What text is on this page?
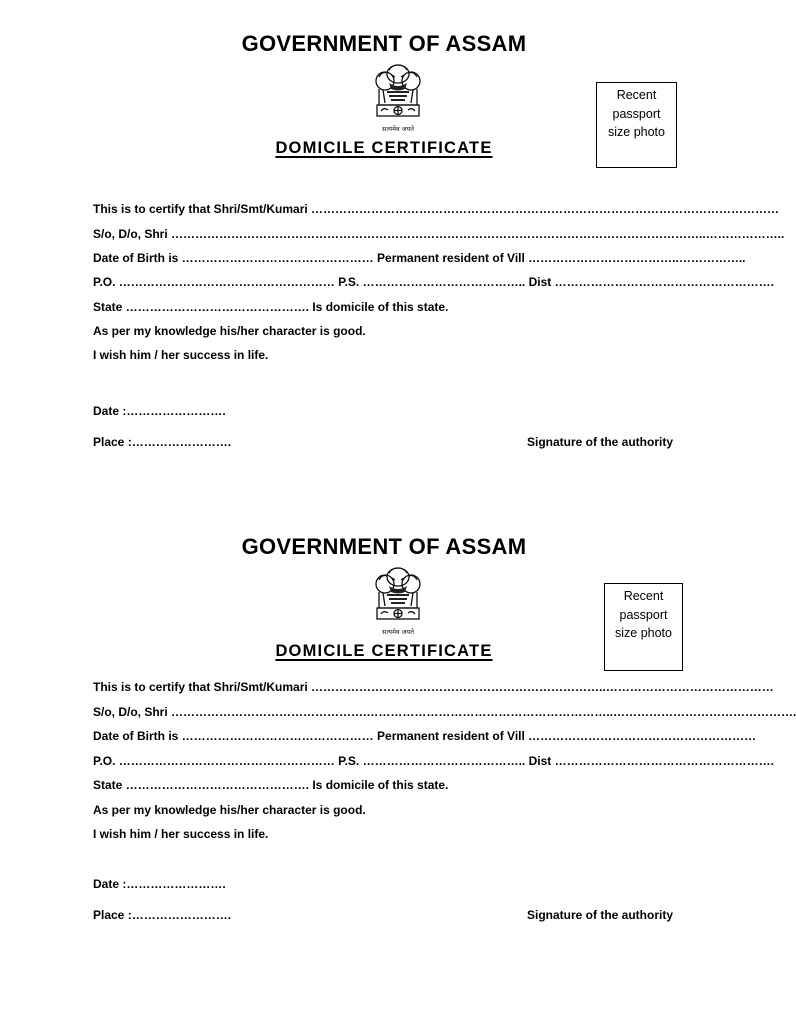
GOVERNMENT OF ASSAM
सत्यमेव जयते
DOMICILE CERTIFICATE
Recent
passport
size photo
This is to certify that Shri/Smt/Kumari ………………………………………………………………………………………………………
S/o, D/o, Shri ……………………………………………………………………………………………………………………..………………..
Date of Birth is ………………………………………… Permanent resident of Vill ………………………………..……………..
P.O. ……………………………………………… P.S. ………………………………….. Dist ……………………………………………….
State ………………………………………. Is domicile of this state.
As per my knowledge his/her character is good.
I wish him / her success in life.
Date :…………………….
Place :…………………….	Signature of the authority
GOVERNMENT OF ASSAM
सत्यमेव जयते
DOMICILE CERTIFICATE
Recent
passport
size photo
This is to certify that Shri/Smt/Kumari ………………………………………………………………..……………………………………
S/o, D/o, Shri ………………………………………….……………………………………………………..……………………………………….
Date of Birth is ………………………………………… Permanent resident of Vill …………………………………………………
P.O. ……………………………………………… P.S. ………………………………….. Dist ……………………………………………….
State ………………………………………. Is domicile of this state.
As per my knowledge his/her character is good.
I wish him / her success in life.
Date :…………………….
Place :…………………….	Signature of the authority
